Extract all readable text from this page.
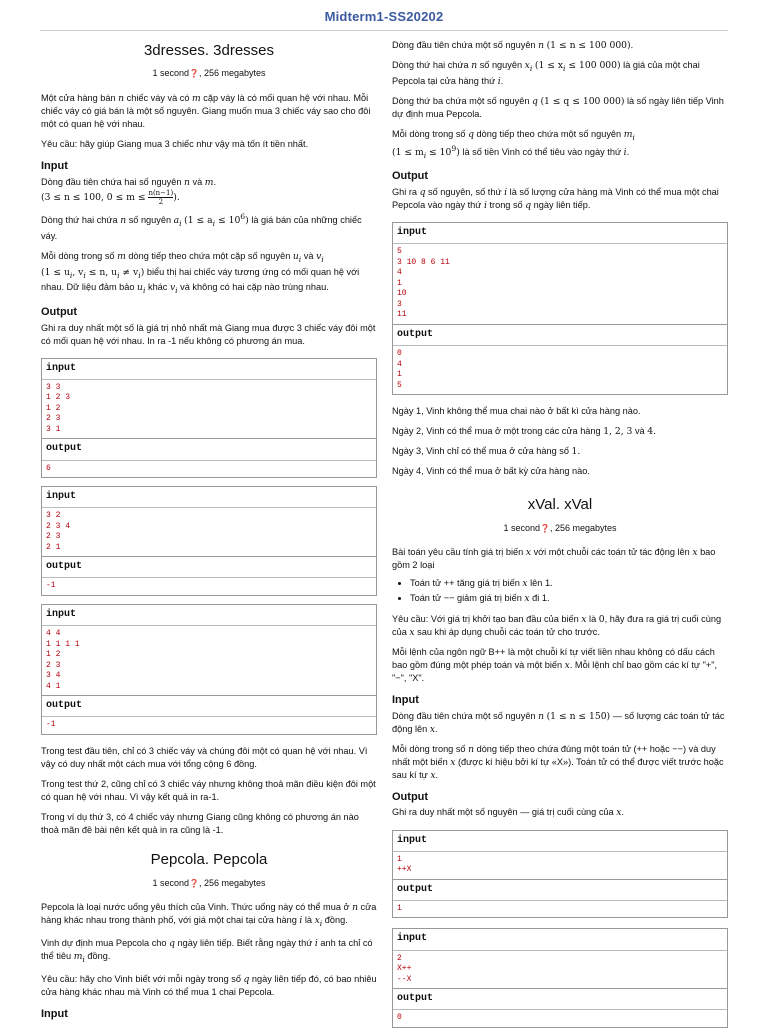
Midterm1-SS20202
3dresses. 3dresses
1 second❓, 256 megabytes

Một cửa hàng bán n chiếc váy và có m cặp váy là có mối quan hệ với nhau. Mỗi chiếc váy có giá bán là một số nguyên. Giang muốn mua 3 chiếc váy sao cho đôi một có quan hệ với nhau.

Yêu cầu: hãy giúp Giang mua 3 chiếc như vậy mà tốn ít tiền nhất.

Input

Dòng đầu tiên chứa hai số nguyên n và m.
(3 ≤ n ≤ 100, $0 \le m \le \frac{n(n-1)}{2}$ ).

Dòng thứ hai chứa n số nguyên $a_i$ $(1 \le a_i \le 10^6)$ là giá bán của những chiếc váy.

Mỗi dòng trong số m dòng tiếp theo chứa một cặp số nguyên $u_i$ và $v_i$
($1 \le u_i$, $v_i \le n$, $u_i \ne v_i$) biểu thị hai chiếc váy tương ứng có mối quan hệ với nhau. Dữ liệu đảm bảo $u_i$ khác $v_i$ và không có hai cặp nào trùng nhau.

Output

Ghi ra duy nhất một số là giá trị nhỏ nhất mà Giang mua được 3 chiếc váy đôi một có mối quan hệ với nhau. In ra -1 nếu không có phương án mua.

input
3 3
1 2 3
1 2
2 3
3 1
output
6
input
3 2
2 3 4
2 3
2 1
output
-1
input
4 4
1 1 1 1
1 2
2 3
3 4
4 1
output
-1

Trong test đầu tiên, chỉ có 3 chiếc váy và chúng đôi một có quan hệ với nhau. Vì vậy có duy nhất một cách mua với tổng cộng 6 đồng.

Trong test thứ 2, cũng chỉ có 3 chiếc váy nhưng không thoả mãn điều kiện đôi một có quan hệ với nhau. Vì vậy kết quả in ra-1.

Trong ví dụ thứ 3, có 4 chiếc váy nhưng Giang cũng không có phương án nào thoả mãn đề bài nên kết quả in ra cũng là -1.

Pepcola. Pepcola
1 second❓, 256 megabytes

Pepcola là loại nước uống yêu thích của Vinh. Thức uống này có thể mua ở n cửa hàng khác nhau trong thành phố, với giá một chai tại cửa hàng i là $x_i$ đồng.

Vinh dự định mua Pepcola cho q ngày liên tiếp. Biết rằng ngày thứ i anh ta chỉ có thể tiêu $m_i$ đồng.

Yêu cầu: hãy cho Vinh biết với mỗi ngày trong số q ngày liên tiếp đó, có bao nhiêu cửa hàng khác nhau mà Vinh có thể mua 1 chai Pepcola.

Input

Dòng đầu tiên chứa một số nguyên n (1 ≤ n ≤ 100 000).

Dòng thứ hai chứa n số nguyên $x_i$ ($1 \le x_i \le 100$ 000) là giá của một chai Pepcola tại cửa hàng thứ i.

Dòng thứ ba chứa một số nguyên q (1 ≤ q ≤ 100 000) là số ngày liên tiếp Vinh dự định mua Pepcola.

Mỗi dòng trong số q dòng tiếp theo chứa một số nguyên $m_i$
$(1 \le m_i \le 10^9)$ là số tiền Vinh có thể tiêu vào ngày thứ i.

Output

Ghi ra q số nguyên, số thứ i là số lượng cửa hàng mà Vinh có thể mua một chai Pepcola vào ngày thứ i trong số q ngày liên tiếp.

input
5
3 10 8 6 11
4
1
10
3
11
output
0
4
1
5

Ngày 1, Vinh không thể mua chai nào ở bất kì cửa hàng nào.

Ngày 2, Vinh có thể mua ở một trong các cửa hàng 1, 2, 3 và 4.

Ngày 3, Vinh chỉ có thể mua ở cửa hàng số 1.

Ngày 4, Vinh có thể mua ở bất kỳ cửa hàng nào.

xVal. xVal
1 second❓, 256 megabytes

Bài toán yêu cầu tính giá trị biến x với một chuỗi các toán tử tác động lên x bao gồm 2 loại

• Toán tử ++ tăng giá trị biến x lên 1.
• Toán tử −− giảm giá trị biến x đi 1.

Yêu cầu: Với giá trị khởi tạo ban đầu của biến x là 0, hãy đưa ra giá trị cuối cùng của x sau khi áp dụng chuỗi các toán tử cho trước.

Mỗi lệnh của ngôn ngữ B++ là một chuỗi kí tự viết liền nhau không có dấu cách bao gồm đúng một phép toán và một biến x. Mỗi lệnh chỉ bao gồm các kí tự "+", "−", "X".

Input

Dòng đầu tiên chứa một số nguyên n (1 ≤ n ≤ 150) — số lượng các toán tử tác động lên x.

Mỗi dòng trong số n dòng tiếp theo chứa đúng một toán tử (++ hoặc −−) và duy nhất một biến x (được kí hiệu bởi kí tự «X»). Toán tử có thể được viết trước hoặc sau kí tự x.

Output

Ghi ra duy nhất một số nguyên — giá trị cuối cùng của x.

input
1
++X
output
1
input
2
X++
--X
output
0
